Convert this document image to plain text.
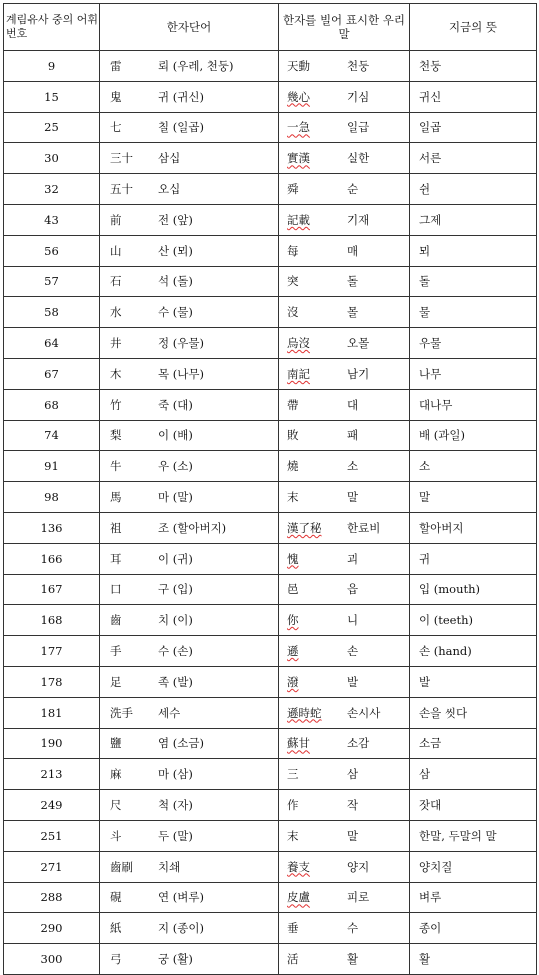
계림유사 중의 어휘번호	한자단어	한자를 빌어 표시한 우리말	지금의 뜻
9	雷 뢰 (우레, 천둥)	天動 천둥	천둥
15	鬼 귀 (귀신)	幾心 기심	귀신
25	七 칠 (일곱)	一急 일급	일곱
30	三十 삼십	實漢 실한	서른
32	五十 오십	舜 순	쉰
43	前 전 (앞)	記載 기재	그제
56	山 산 (뫼)	每 매	뫼
57	石 석 (돌)	突 돌	돌
58	水 수 (물)	沒 몰	물
64	井 정 (우물)	烏沒 오몰	우물
67	木 목 (나무)	南記 남기	나무
68	竹 죽 (대)	帶 대	대나무
74	梨 이 (배)	敗 패	배 (과일)
91	牛 우 (소)	燒 소	소
98	馬 마 (말)	末 말	말
136	祖 조 (할아버지)	漢了秘 한료비	할아버지
166	耳 이 (귀)	愧 괴	귀
167	口 구 (입)	邑 읍	입 (mouth)
168	齒 치 (이)	你 니	이 (teeth)
177	手 수 (손)	遜 손	손 (hand)
178	足 족 (발)	潑 발	발
181	洗手 세수	遜時蛇 손시사	손을 씻다
190	鹽 염 (소금)	蘇甘 소감	소금
213	麻 마 (삼)	三 삼	삼
249	尺 척 (자)	作 작	잣대
251	斗 두 (말)	末 말	한말, 두말의 말
271	齒刷 치쇄	養支 양지	양치질
288	硯 연 (벼루)	皮盧 피로	벼루
290	紙 지 (종이)	垂 수	종이
300	弓 궁 (활)	活 활	활
